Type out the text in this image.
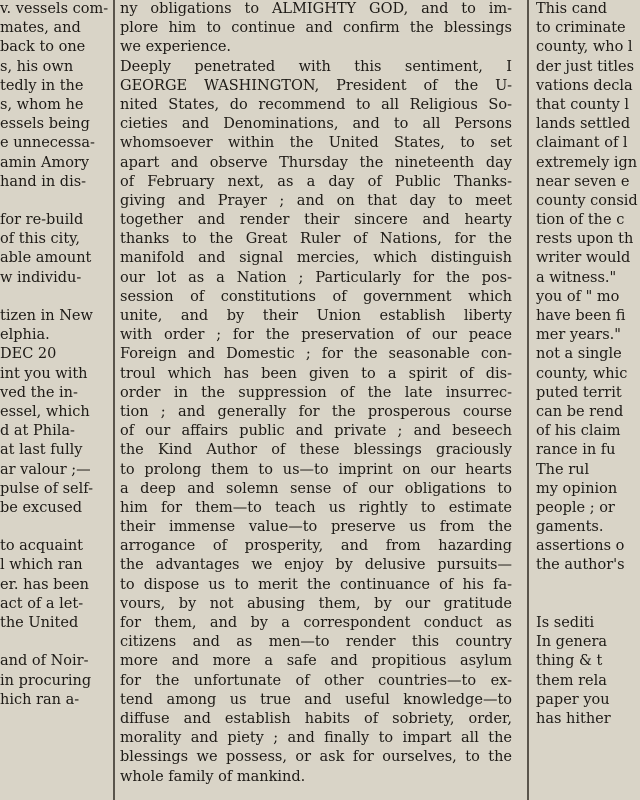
v. vessels com-
mates, and
back to one
s, his own
tedly in the
s, whom he
essels being
e unnecessa-
amin Amory
hand in dis-
for re-build
of this city,
able amount
w individu-
tizen in New
elphia.
DEC 20
int you with
ved the in-
essel, which
d at Phila-
at last fully
ar valour ;—
pulse of self-
be excused
to acquaint
l which ran
er. has been
act of a let-
the United
and of Noir-
in procuring
hich ran a-
ny obligations to ALMIGHTY GOD, and to im-
plore him to continue and confirm the blessings
we experience.
Deeply penetrated with this sentiment, I
GEORGE WASHINGTON, President of the U-
nited States, do recommend to all Religious So-
cieties and Denominations, and to all Persons
whomsoever within the United States, to set
apart and observe Thursday the nineteenth day
of February next, as a day of Public Thanks-
giving and Prayer ; and on that day to meet
together and render their sincere and hearty
thanks to the Great Ruler of Nations, for the
manifold and signal mercies, which distinguish
our lot as a Nation ; Particularly for the pos-
session of constitutions of government which
unite, and by their Union establish liberty
with order ; for the preservation of our peace
Foreign and Domestic ; for the seasonable con-
troul which has been given to a spirit of dis-
order in the suppression of the late insurrec-
tion ; and generally for the prosperous course
of our affairs public and private ; and beseech
the Kind Author of these blessings graciously
to prolong them to us—to imprint on our hearts
a deep and solemn sense of our obligations to
him for them—to teach us rightly to estimate
their immense value—to preserve us from the
arrogance of prosperity, and from hazarding
the advantages we enjoy by delusive pursuits—
to dispose us to merit the continuance of his fa-
vours, by not abusing them, by our gratitude
for them, and by a correspondent conduct as
citizens and as men—to render this country
more and more a safe and propitious asylum
for the unfortunate of other countries—to ex-
tend among us true and useful knowledge—to
diffuse and establish habits of sobriety, order,
morality and piety ; and finally to impart all the
blessings we possess, or ask for ourselves, to the
whole family of mankind.
This cand
to criminate
county, who l
der just titles
vations decla
that county l
lands settled
claimant of l
extremely ign
near seven e
county consid
tion of the c
rests upon th
writer would
a witness."
you of " mo
have been fi
mer years."
not a single
county, whic
puted territ
can be rend
of his claim
rance in fu
The rul
my opinion
people ; or
gaments.
assertions o
the author's
Is sediti
In genera
thing & t
them rela
paper you
has hither
